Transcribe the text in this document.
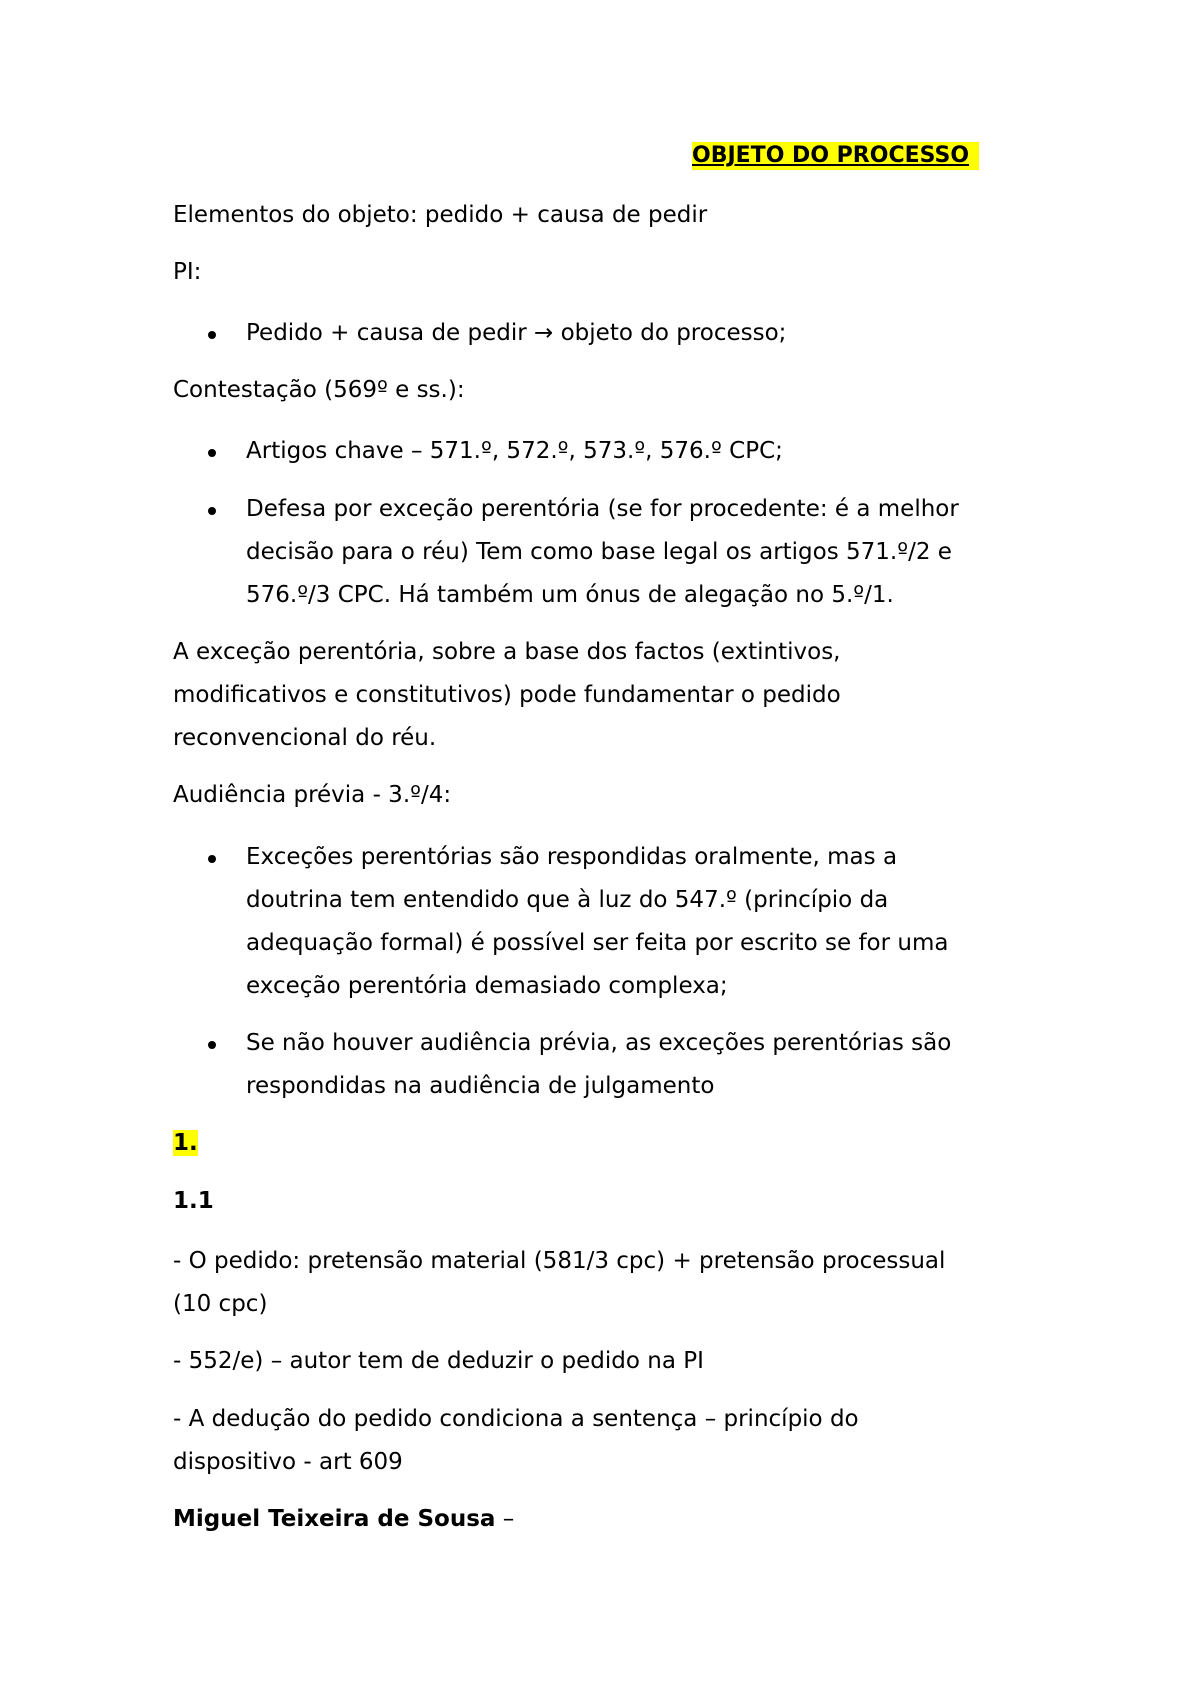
OBJETO DO PROCESSO

Elementos do objeto: pedido + causa de pedir

PI:

Pedido + causa de pedir → objeto do processo;

Contestação (569º e ss.):

Artigos chave – 571.º, 572.º, 573.º, 576.º CPC;

Defesa por exceção perentória (se for procedente: é a melhor
decisão para o réu) Tem como base legal os artigos 571.º/2 e
576.º/3 CPC. Há também um ónus de alegação no 5.º/1.
A exceção perentória, sobre a base dos factos (extintivos,
modificativos e constitutivos) pode fundamentar o pedido
reconvencional do réu.

Audiência prévia - 3.º/4:

Exceções perentórias são respondidas oralmente, mas a
doutrina tem entendido que à luz do 547.º (princípio da
adequação formal) é possível ser feita por escrito se for uma
exceção perentória demasiado complexa;
Se não houver audiência prévia, as exceções perentórias são
respondidas na audiência de julgamento

1.

1.1

- O pedido: pretensão material (581/3 cpc) + pretensão processual
(10 cpc)

- 552/e) – autor tem de deduzir o pedido na PI

- A dedução do pedido condiciona a sentença – princípio do
dispositivo - art 609

Miguel Teixeira de Sousa –
